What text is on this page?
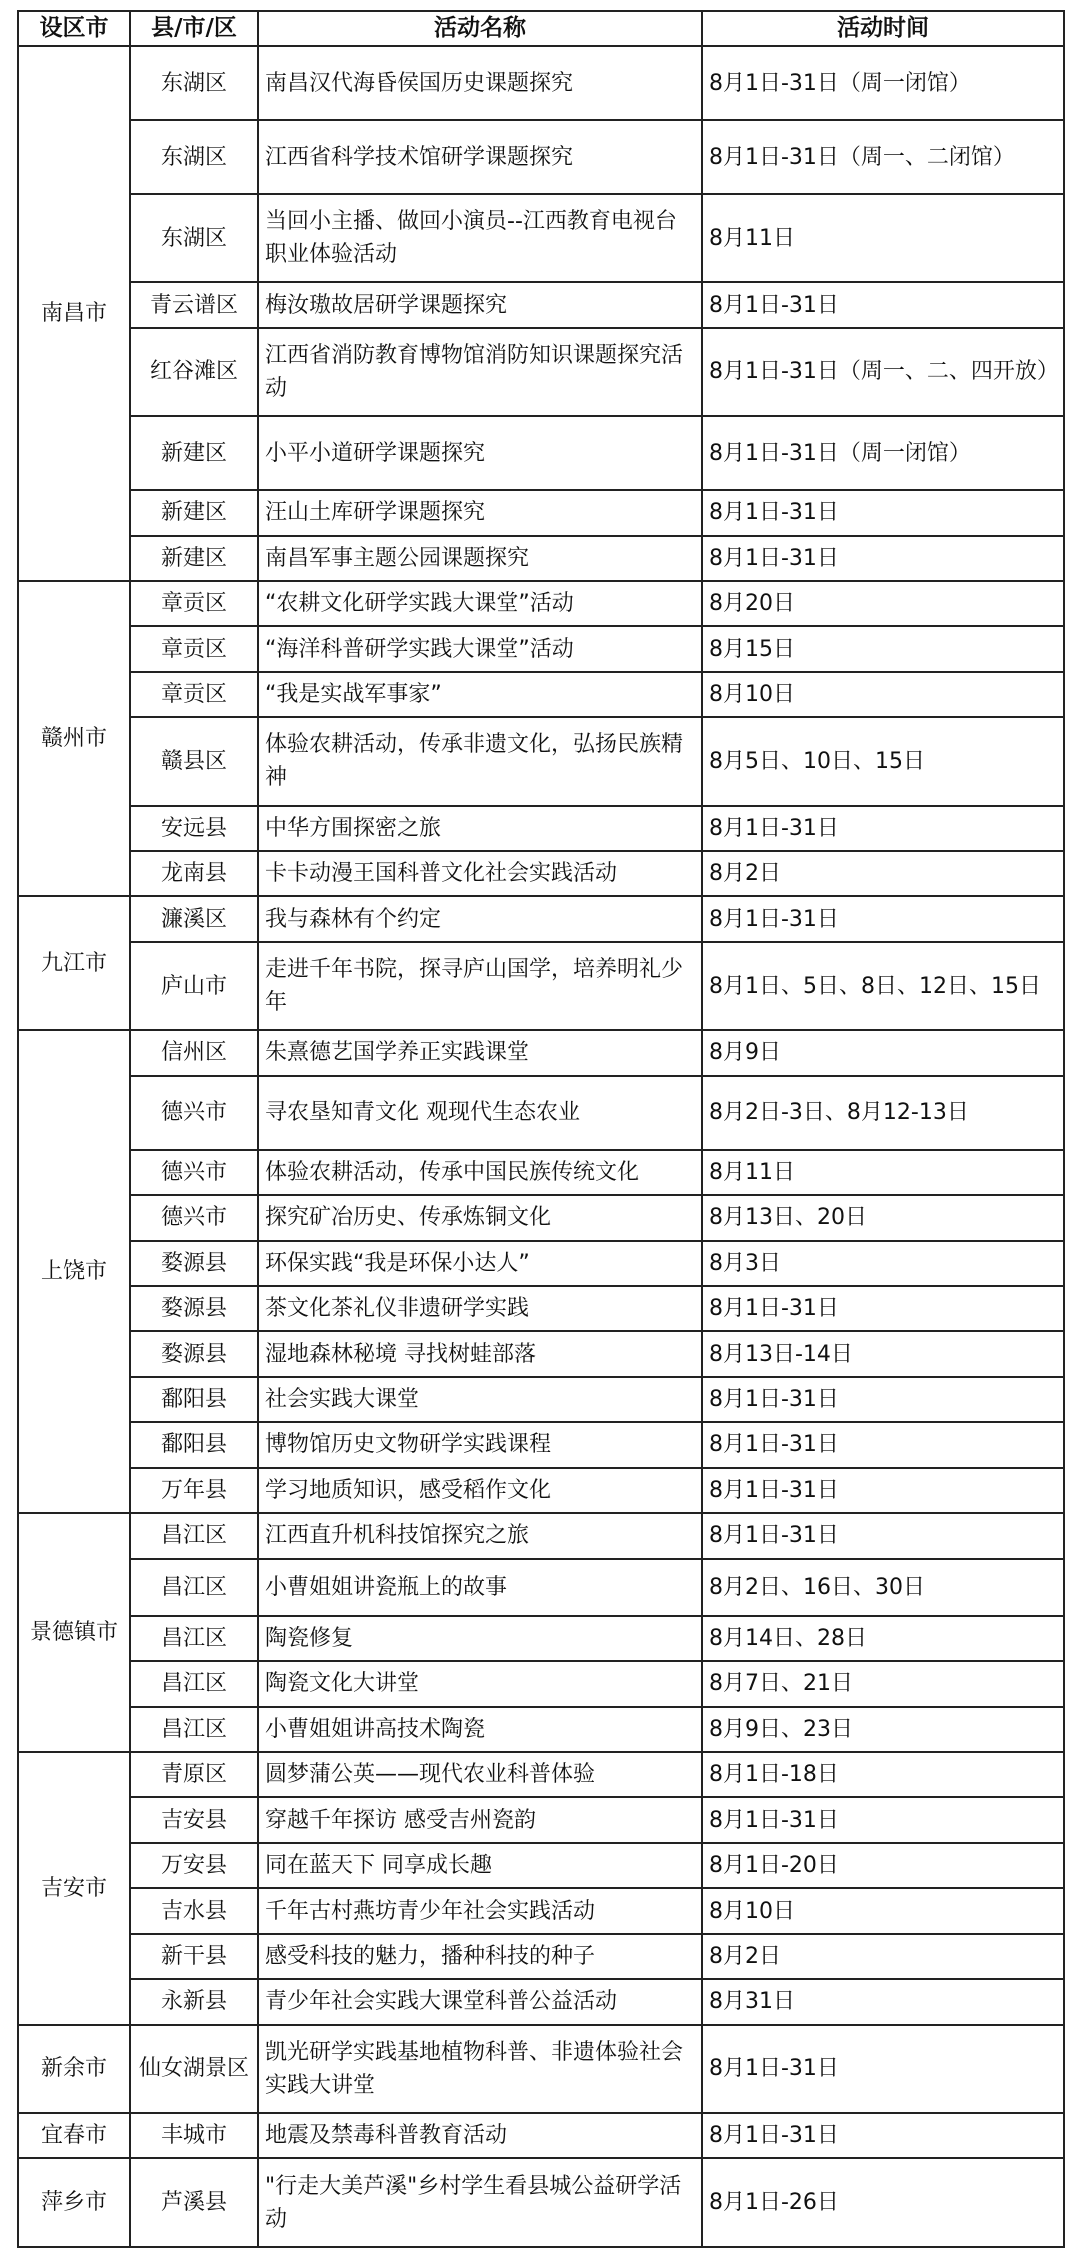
设区市	县/市/区	活动名称	活动时间
南昌市	东湖区	南昌汉代海昏侯国历史课题探究	8月1日-31日（周一闭馆）
	东湖区	江西省科学技术馆研学课题探究	8月1日-31日（周一、二闭馆）
	东湖区	当回小主播、做回小演员--江西教育电视台职业体验活动	8月11日
	青云谱区	梅汝璈故居研学课题探究	8月1日-31日
	红谷滩区	江西省消防教育博物馆消防知识课题探究活动	8月1日-31日（周一、二、四开放）
	新建区	小平小道研学课题探究	8月1日-31日（周一闭馆）
	新建区	汪山土库研学课题探究	8月1日-31日
	新建区	南昌军事主题公园课题探究	8月1日-31日
赣州市	章贡区	“农耕文化研学实践大课堂”活动	8月20日
	章贡区	“海洋科普研学实践大课堂”活动	8月15日
	章贡区	“我是实战军事家”	8月10日
	赣县区	体验农耕活动，传承非遗文化，弘扬民族精神	8月5日、10日、15日
	安远县	中华方围探密之旅	8月1日-31日
	龙南县	卡卡动漫王国科普文化社会实践活动	8月2日
九江市	濂溪区	我与森林有个约定	8月1日-31日
	庐山市	走进千年书院，探寻庐山国学，培养明礼少年	8月1日、5日、8日、12日、15日
上饶市	信州区	朱熹德艺国学养正实践课堂	8月9日
	德兴市	寻农垦知青文化 观现代生态农业	8月2日-3日、8月12-13日
	德兴市	体验农耕活动，传承中国民族传统文化	8月11日
	德兴市	探究矿冶历史、传承炼铜文化	8月13日、20日
	婺源县	环保实践“我是环保小达人”	8月3日
	婺源县	茶文化茶礼仪非遗研学实践	8月1日-31日
	婺源县	湿地森林秘境 寻找树蛙部落	8月13日-14日
	鄱阳县	社会实践大课堂	8月1日-31日
	鄱阳县	博物馆历史文物研学实践课程	8月1日-31日
	万年县	学习地质知识，感受稻作文化	8月1日-31日
景德镇市	昌江区	江西直升机科技馆探究之旅	8月1日-31日
	昌江区	小曹姐姐讲瓷瓶上的故事	8月2日、16日、30日
	昌江区	陶瓷修复	8月14日、28日
	昌江区	陶瓷文化大讲堂	8月7日、21日
	昌江区	小曹姐姐讲高技术陶瓷	8月9日、23日
吉安市	青原区	圆梦蒲公英——现代农业科普体验	8月1日-18日
	吉安县	穿越千年探访 感受吉州瓷韵	8月1日-31日
	万安县	同在蓝天下 同享成长趣	8月1日-20日
	吉水县	千年古村燕坊青少年社会实践活动	8月10日
	新干县	感受科技的魅力，播种科技的种子	8月2日
	永新县	青少年社会实践大课堂科普公益活动	8月31日
新余市	仙女湖景区	凯光研学实践基地植物科普、非遗体验社会实践大讲堂	8月1日-31日
宜春市	丰城市	地震及禁毒科普教育活动	8月1日-31日
萍乡市	芦溪县	"行走大美芦溪"乡村学生看县城公益研学活动	8月1日-26日
